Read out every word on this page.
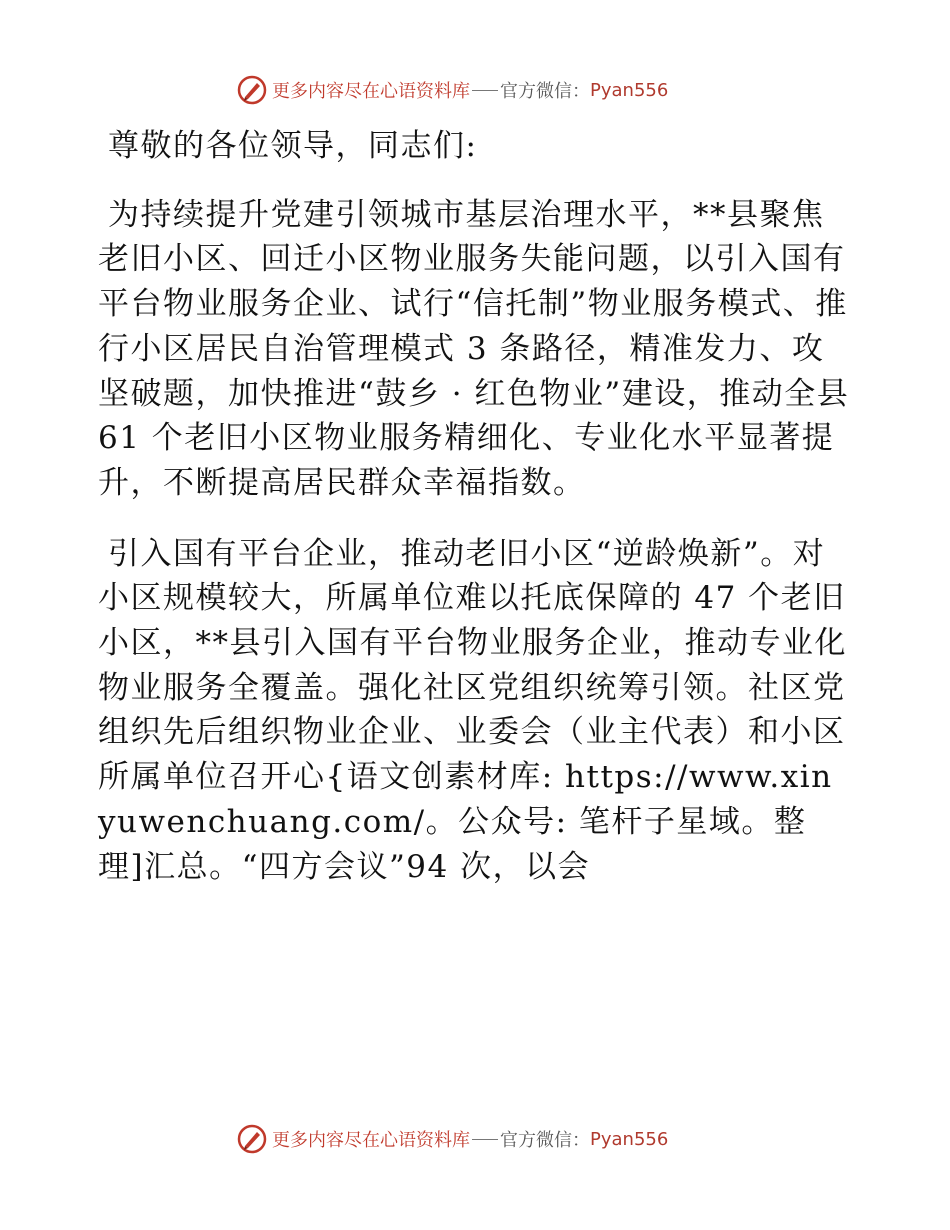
更多内容尽在心语资料库 官方微信： Pyan556

尊敬的各位领导，同志们:

为持续提升党建引领城市基层治理水平，**县聚焦老旧小区、回迁小区物业服务失能问题，以引入国有平台物业服务企业、试行“信托制”物业服务模式、推行小区居民自治管理模式 3 条路径，精准发力、攻坚破题，加快推进“鼓乡 · 红色物业”建设，推动全县 61 个老旧小区物业服务精细化、专业化水平显著提升，不断提高居民群众幸福指数。

引入国有平台企业，推动老旧小区“逆龄焕新”。对小区规模较大，所属单位难以托底保障的 47 个老旧小区，**县引入国有平台物业服务企业，推动专业化物业服务全覆盖。强化社区党组织统筹引领。社区党组织先后组织物业企业、业委会（业主代表）和小区所属单位召开心{语文创素材库: https://www.xinyuwenchuang.com/。公众号: 笔杆子星域。整理]汇总。“四方会议”94 次，以会

更多内容尽在心语资料库 官方微信： Pyan556
